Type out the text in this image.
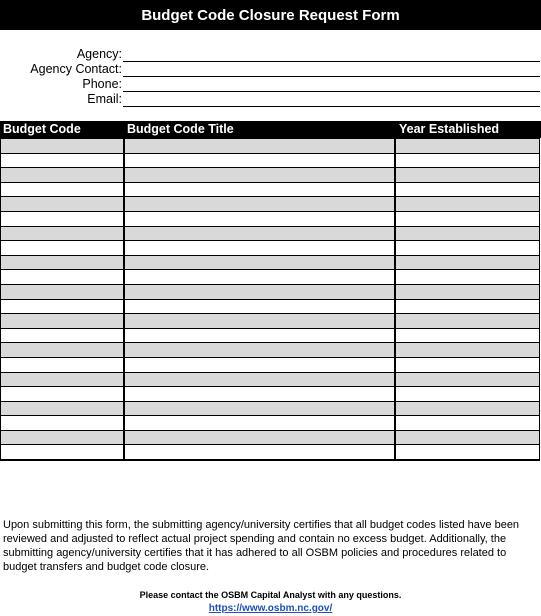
Budget Code Closure Request Form
Agency:
Agency Contact:
Phone:
Email:
Budget Code	Budget Code Title	Year Established
Upon submitting this form, the submitting agency/university certifies that all budget codes listed have been reviewed and adjusted to reflect actual project spending and contain no excess budget. Additionally, the submitting agency/university certifies that it has adhered to all OSBM policies and procedures related to budget transfers and budget code closure.
Please contact the OSBM Capital Analyst with any questions.
https://www.osbm.nc.gov/
